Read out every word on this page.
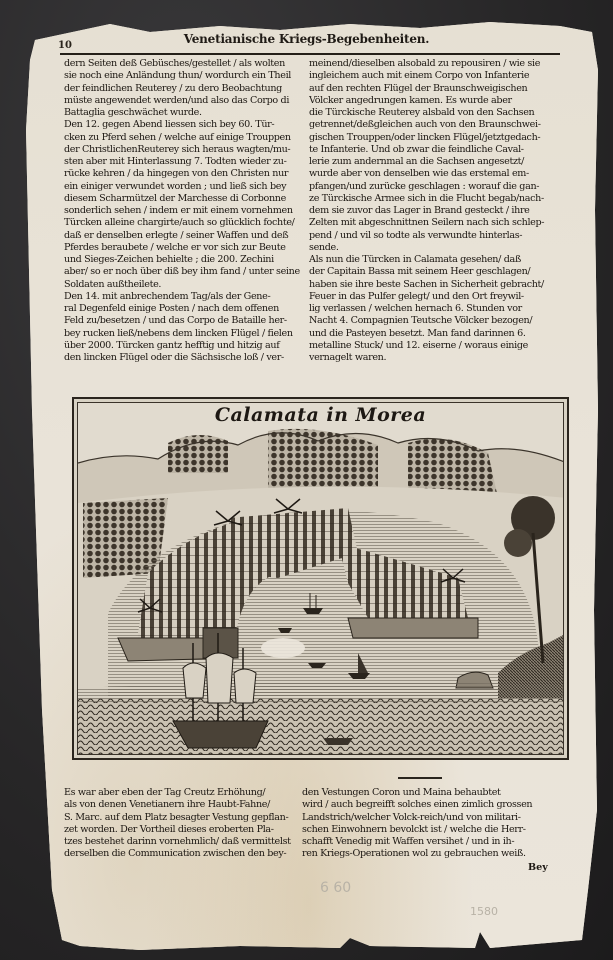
10	Venetianische Kriegs-Begebenheiten.
dern Seiten deß Gebüsches/gestellet / als wolten
sie noch eine Anländung thun/ wordurch ein Theil
der feindlichen Reuterey / zu dero Beobachtung
müste angewendet werden/und also das Corpo di
Battaglia geschwächet wurde.
Den 12. gegen Abend liessen sich bey 60. Tür-
cken zu Pferd sehen / welche auf einige Trouppen
der ChristlichenReuterey sich heraus wagten/mu-
sten aber mit Hinterlassung 7. Todten wieder zu-
rücke kehren / da hingegen von den Christen nur
ein einiger verwundet worden ; und ließ sich bey
diesem Scharmützel der Marchesse di Corbonne
sonderlich sehen / indem er mit einem vornehmen
Türcken alleine chargirte/auch so glücklich fochte/
daß er denselben erlegte / seiner Waffen und deß
Pferdes beraubete / welche er vor sich zur Beute
und Sieges-Zeichen behielte ; die 200. Zechini
aber/ so er noch über diß bey ihm fand / unter seine
Soldaten außtheilete.
Den 14. mit anbrechendem Tag/als der Gene-
ral Degenfeld einige Posten / nach dem offenen
Feld zu/besetzen / und das Corpo de Bataille her-
bey rucken ließ/nebens dem lincken Flügel / fielen
über 2000. Türcken gantz hefftig und hitzig auf
den lincken Flügel oder die Sächsische loß / ver-
meinend/dieselben alsobald zu repousiren / wie sie
ingleichem auch mit einem Corpo von Infanterie
auf den rechten Flügel der Braunschweigischen
Völcker angedrungen kamen. Es wurde aber
die Türckische Reuterey alsbald von den Sachsen
getrennet/deßgleichen auch von den Braunschwei-
gischen Trouppen/oder lincken Flügel/jetztgedach-
te Infanterie. Und ob zwar die feindliche Caval-
lerie zum andernmal an die Sachsen angesetzt/
wurde aber von denselben wie das erstemal em-
pfangen/und zurücke geschlagen : worauf die gan-
ze Türckische Armee sich in die Flucht begab/nach-
dem sie zuvor das Lager in Brand gesteckt / ihre
Zelten mit abgeschnittnen Seilern nach sich schlep-
pend / und vil so todte als verwundte hinterlas-
sende.
Als nun die Türcken in Calamata gesehen/ daß
der Capitain Bassa mit seinem Heer geschlagen/
haben sie ihre beste Sachen in Sicherheit gebracht/
Feuer in das Pulfer gelegt/ und den Ort freywil-
lig verlassen / welchen hernach 6. Stunden vor
Nacht 4. Compagnien Teutsche Völcker bezogen/
und die Pasteyen besetzt. Man fand darinnen 6.
metalline Stuck/ und 12. eiserne / woraus einige
vernagelt waren.
Calamata in Morea
Es war aber eben der Tag Creutz Erhöhung/
als von denen Venetianern ihre Haubt-Fahne/
S. Marc. auf dem Platz besagter Vestung gepflan-
zet worden. Der Vortheil dieses eroberten Pla-
tzes bestehet darinn vornehmlich/ daß vermittelst
derselben die Communication zwischen den bey-
den Vestungen Coron und Maina behaubtet
wird / auch begreifft solches einen zimlich grossen
Landstrich/welcher Volck-reich/und von militari-
schen Einwohnern bevolckt ist / welche die Herr-
schafft Venedig mit Waffen versihet / und in ih-
ren Kriegs-Operationen wol zu gebrauchen weiß.
Bey
6 60
1580
